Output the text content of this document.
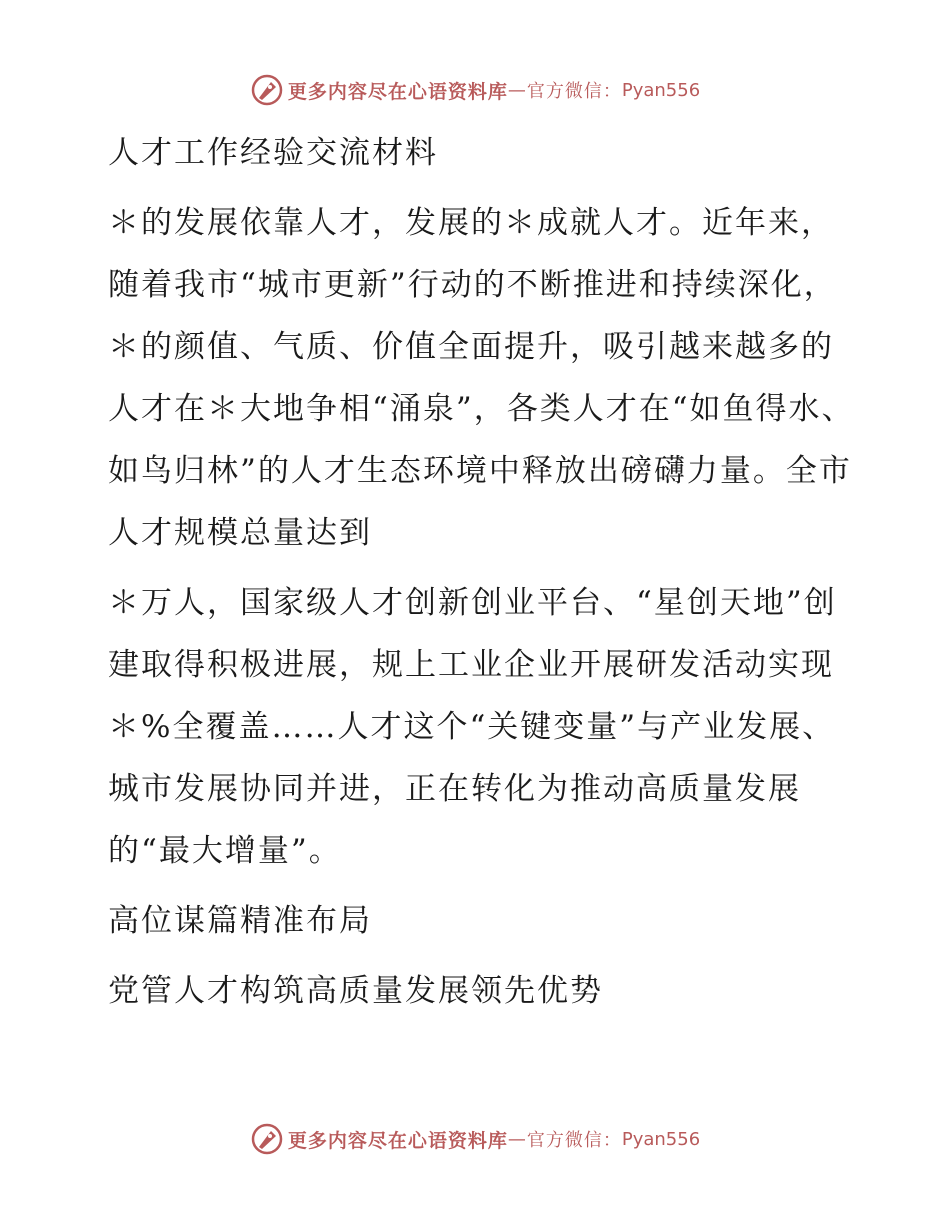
更多内容尽在心语资料库 — 官方微信： Pyan556

人才工作经验交流材料

＊的发展依靠人才，发展的＊成就人才。近年来，随着我市“城市更新”行动的不断推进和持续深化，＊的颜值、气质、价值全面提升，吸引越来越多的人才在＊大地争相“涌泉”，各类人才在“如鱼得水、如鸟归林”的人才生态环境中释放出磅礴力量。全市人才规模总量达到

＊万人，国家级人才创新创业平台、“星创天地”创建取得积极进展，规上工业企业开展研发活动实现＊%全覆盖……人才这个“关键变量”与产业发展、城市发展协同并进，正在转化为推动高质量发展的“最大增量”。

高位谋篇精准布局

党管人才构筑高质量发展领先优势

更多内容尽在心语资料库 — 官方微信： Pyan556
